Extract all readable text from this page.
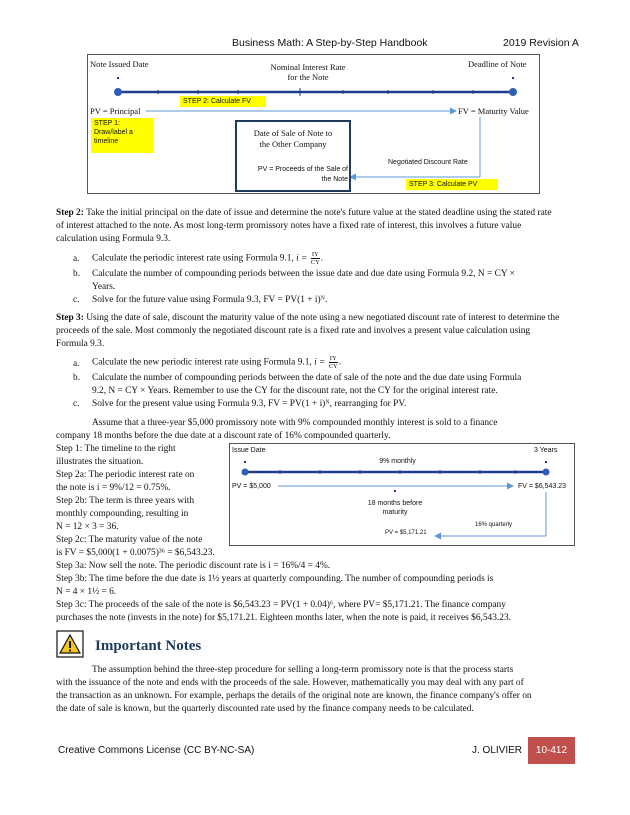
Business Math: A Step-by-Step Handbook	2019 Revision A
Note Issued Date	Nominal Interest Rate
for the Note
Deadline of Note
PV = Principal	FV = Maturity Value
STEP 2: Calculate FV
STEP 1: Draw/label a timeline
Date of Sale of Note to
the Other Company
PV = Proceeds of the Sale of
the Note
Negotiated Discount Rate
STEP 3: Calculate PV
Step 2: Take the initial principal on the date of issue and determine the note's future value at the stated deadline using the stated rate of interest attached to the note. As most long-term promissory notes have a fixed rate of interest, this involves a future value calculation using Formula 9.3.
a. Calculate the periodic interest rate using Formula 9.1, $i = \frac{IY}{CY}$ .
b. Calculate the number of compounding periods between the issue date and due date using Formula 9.2, N = CY ×
Years.
c. Solve for the future value using Formula 9.3, FV = PV(1 + i)ᴺ.
Step 3: Using the date of sale, discount the maturity value of the note using a new negotiated discount rate of interest to determine the proceeds of the sale. Most commonly the negotiated discount rate is a fixed rate and involves a present value calculation using Formula 9.3.
a. Calculate the new periodic interest rate using Formula 9.1, $i = \frac{IY}{CY}$ .
b. Calculate the number of compounding periods between the date of sale of the note and the due date using Formula
9.2, N = CY × Years. Remember to use the CY for the discount rate, not the CY for the original interest rate.
c. Solve for the present value using Formula 9.3, FV = PV(1 + i)ᴺ, rearranging for PV.
Assume that a three-year $5,000 promissory note with 9% compounded monthly interest is sold to a finance
company 18 months before the due date at a discount rate of 16% compounded quarterly.
Step 1: The timeline to the right
illustrates the situation.
Step 2a: The periodic interest rate on
the note is i = 9%/12 = 0.75%.
Step 2b: The term is three years with
monthly compounding, resulting in
N = 12 × 3 = 36.
Step 2c: The maturity value of the note
is FV = $5,000(1 + 0.0075)³⁶ = $6,543.23.
Step 3a: Now sell the note. The periodic discount rate is i = 16%/4 = 4%.
Step 3b: The time before the due date is 1½ years at quarterly compounding. The number of compounding periods is
N = 4 × 1½ = 6.
Step 3c: The proceeds of the sale of the note is $6,543.23 = PV(1 + 0.04)⁶, where PV= $5,171.21. The finance company
purchases the note (invests in the note) for $5,171.21. Eighteen months later, when the note is paid, it receives $6,543.23.
Issue Date	3 Years
9% monthly
PV = $5,000	FV = $6,543.23
18 months before
maturity
PV = $5,171.21
16% quarterly
Important Notes
The assumption behind the three-step procedure for selling a long-term promissory note is that the process starts
with the issuance of the note and ends with the proceeds of the sale. However, mathematically you may deal with any part of
the transaction as an unknown. For example, perhaps the details of the original note are known, the finance company's offer on
the date of sale is known, but the quarterly discounted rate used by the finance company needs to be calculated.
Creative Commons License (CC BY-NC-SA)	J. OLIVIER	10-412
